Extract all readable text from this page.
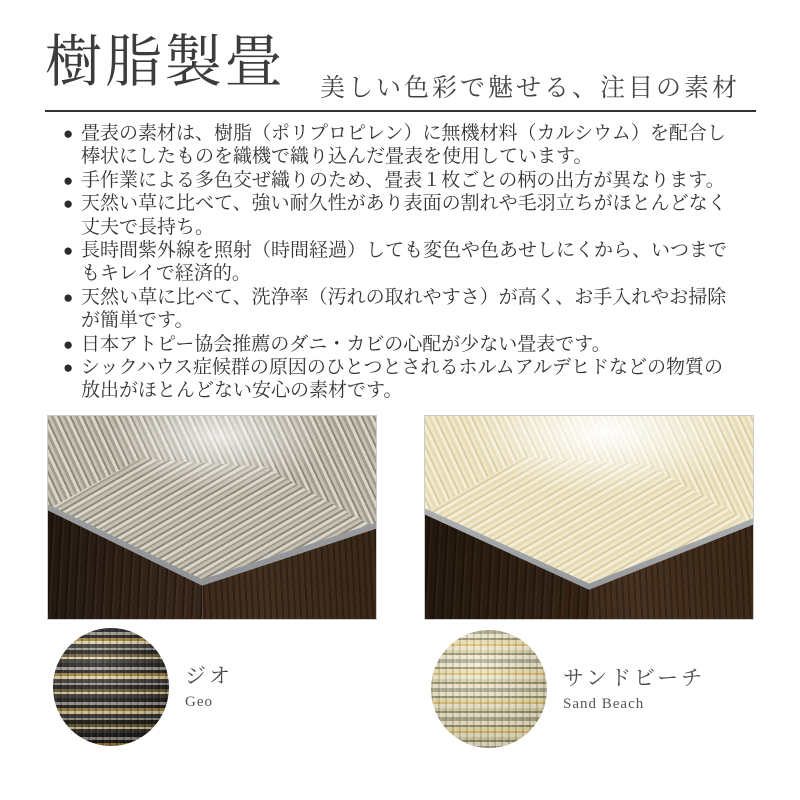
樹脂製畳 美しい色彩で魅せる、注目の素材

● 畳表の素材は、樹脂（ポリプロピレン）に無機材料（カルシウム）を配合し棒状にしたものを織機で織り込んだ畳表を使用しています。
● 手作業による多色交ぜ織りのため、畳表１枚ごとの柄の出方が異なります。
● 天然い草に比べて、強い耐久性があり表面の割れや毛羽立ちがほとんどなく丈夫で長持ち。
● 長時間紫外線を照射（時間経過）しても変色や色あせしにくから、いつまでもキレイで経済的。
● 天然い草に比べて、洗浄率（汚れの取れやすさ）が高く、お手入れやお掃除が簡単です。
● 日本アトピー協会推薦のダニ・カビの心配が少ない畳表です。
● シックハウス症候群の原因のひとつとされるホルムアルデヒドなどの物質の放出がほとんどない安心の素材です。
ジオ
Geo
サンドビーチ
Sand Beach
